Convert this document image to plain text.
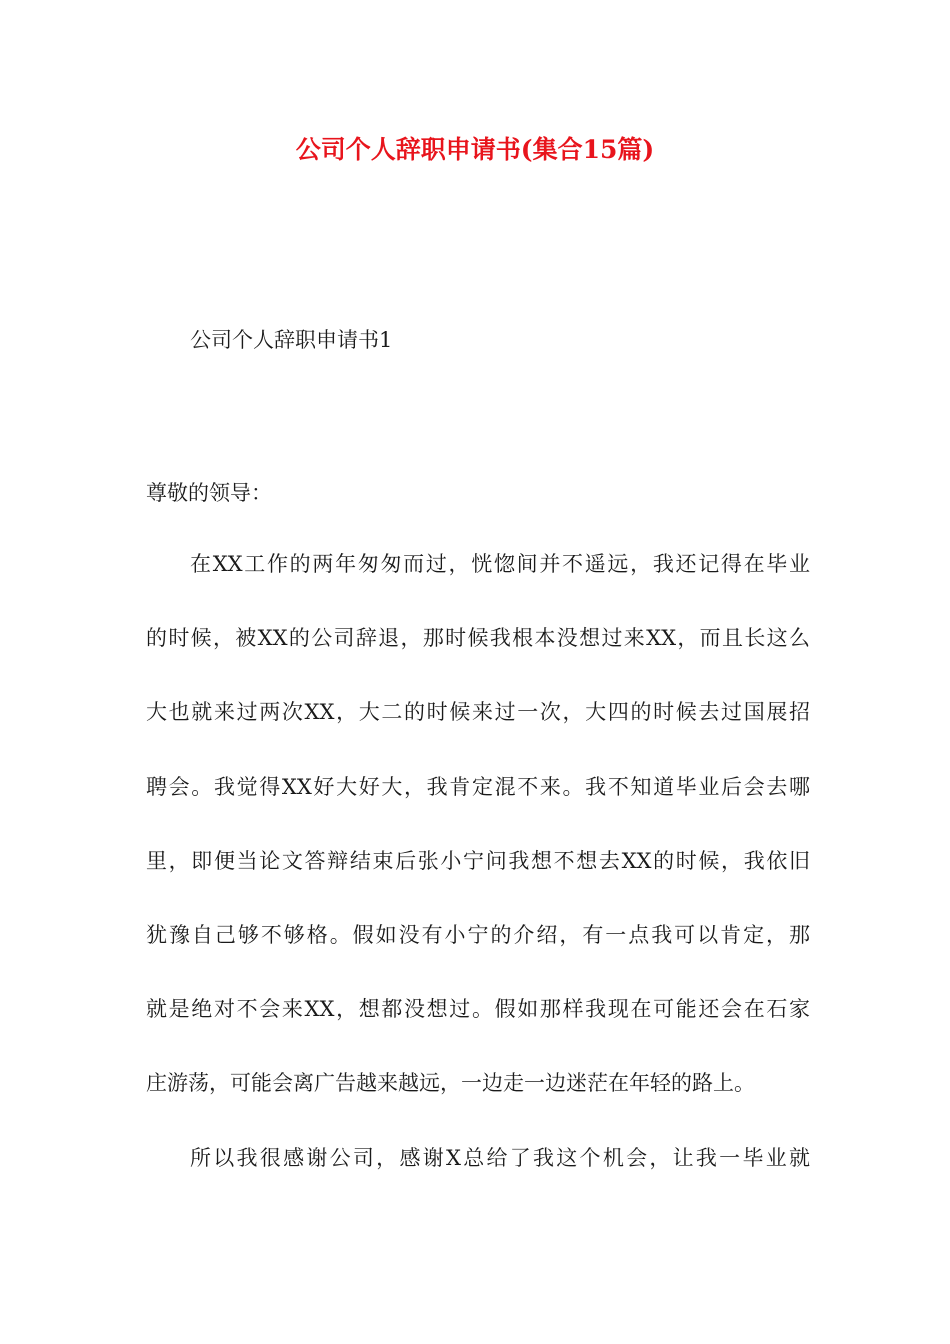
公司个人辞职申请书(集合15篇)

公司个人辞职申请书1

尊敬的领导：

在XX工作的两年匆匆而过，恍惚间并不遥远，我还记得在毕业
的时候，被XX的公司辞退，那时候我根本没想过来XX，而且长这么
大也就来过两次XX，大二的时候来过一次，大四的时候去过国展招
聘会。我觉得XX好大好大，我肯定混不来。我不知道毕业后会去哪
里，即便当论文答辩结束后张小宁问我想不想去XX的时候，我依旧
犹豫自己够不够格。假如没有小宁的介绍，有一点我可以肯定，那
就是绝对不会来XX，想都没想过。假如那样我现在可能还会在石家
庄游荡，可能会离广告越来越远，一边走一边迷茫在年轻的路上。
所以我很感谢公司，感谢X总给了我这个机会，让我一毕业就
